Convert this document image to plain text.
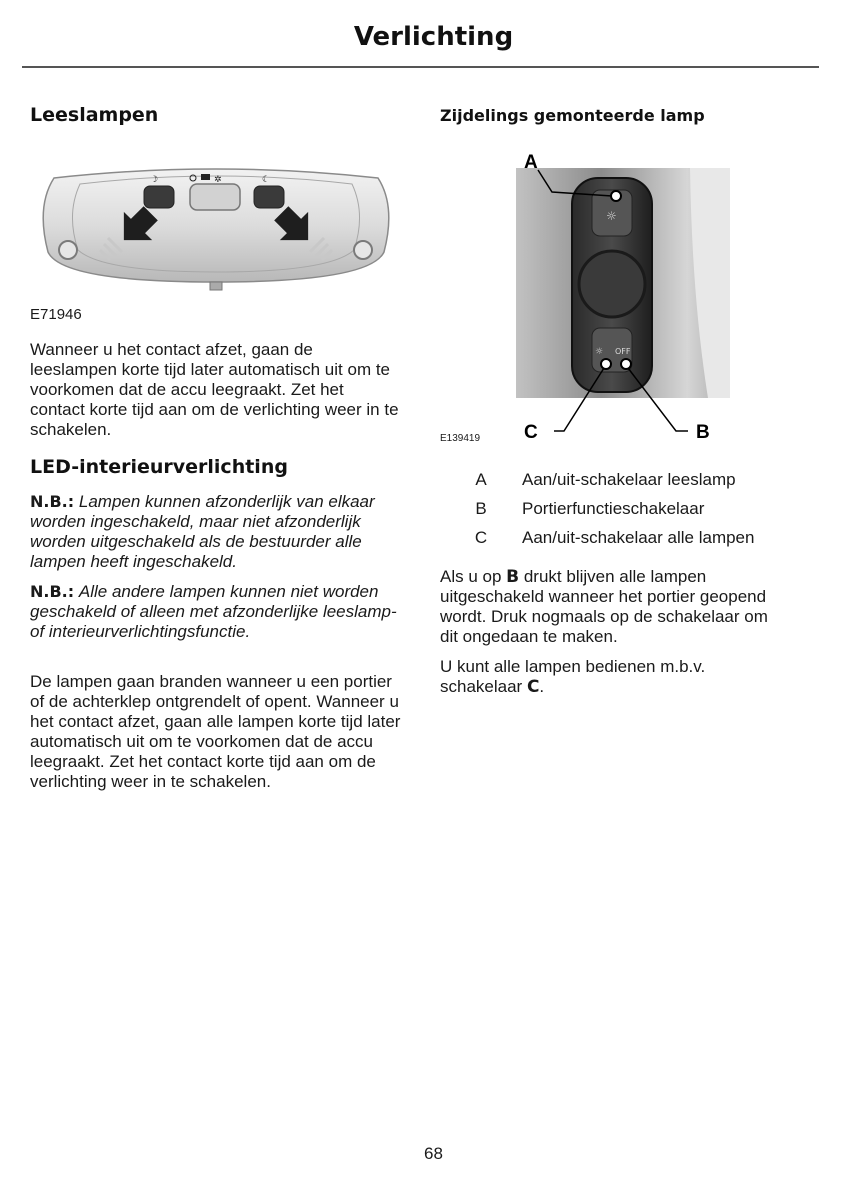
Verlichting
Leeslampen
☽	✲	☾
E71946

Wanneer u het contact afzet, gaan de leeslampen korte tijd later automatisch uit om te voorkomen dat de accu leegraakt. Zet het contact korte tijd aan om de verlichting weer in te schakelen.

LED-interieurverlichting

N.B.: Lampen kunnen afzonderlijk van elkaar worden ingeschakeld, maar niet afzonderlijk worden uitgeschakeld als de bestuurder alle lampen heeft ingeschakeld.

N.B.: Alle andere lampen kunnen niet worden geschakeld of alleen met afzonderlijke leeslamp- of interieurverlichtingsfunctie.

De lampen gaan branden wanneer u een portier of de achterklep ontgrendelt of opent. Wanneer u het contact afzet, gaan alle lampen korte tijd later automatisch uit om te voorkomen dat de accu leegraakt. Zet het contact korte tijd aan om de verlichting weer in te schakelen.

Zijdelings gemonteerde lamp
☼
☼ OFF
A
C	B
E139419
A	Aan/uit-schakelaar leeslamp
B	Portierfunctieschakelaar
C	Aan/uit-schakelaar alle lampen

Als u op B drukt blijven alle lampen uitgeschakeld wanneer het portier geopend wordt. Druk nogmaals op de schakelaar om dit ongedaan te maken.

U kunt alle lampen bedienen m.b.v. schakelaar C.

68
